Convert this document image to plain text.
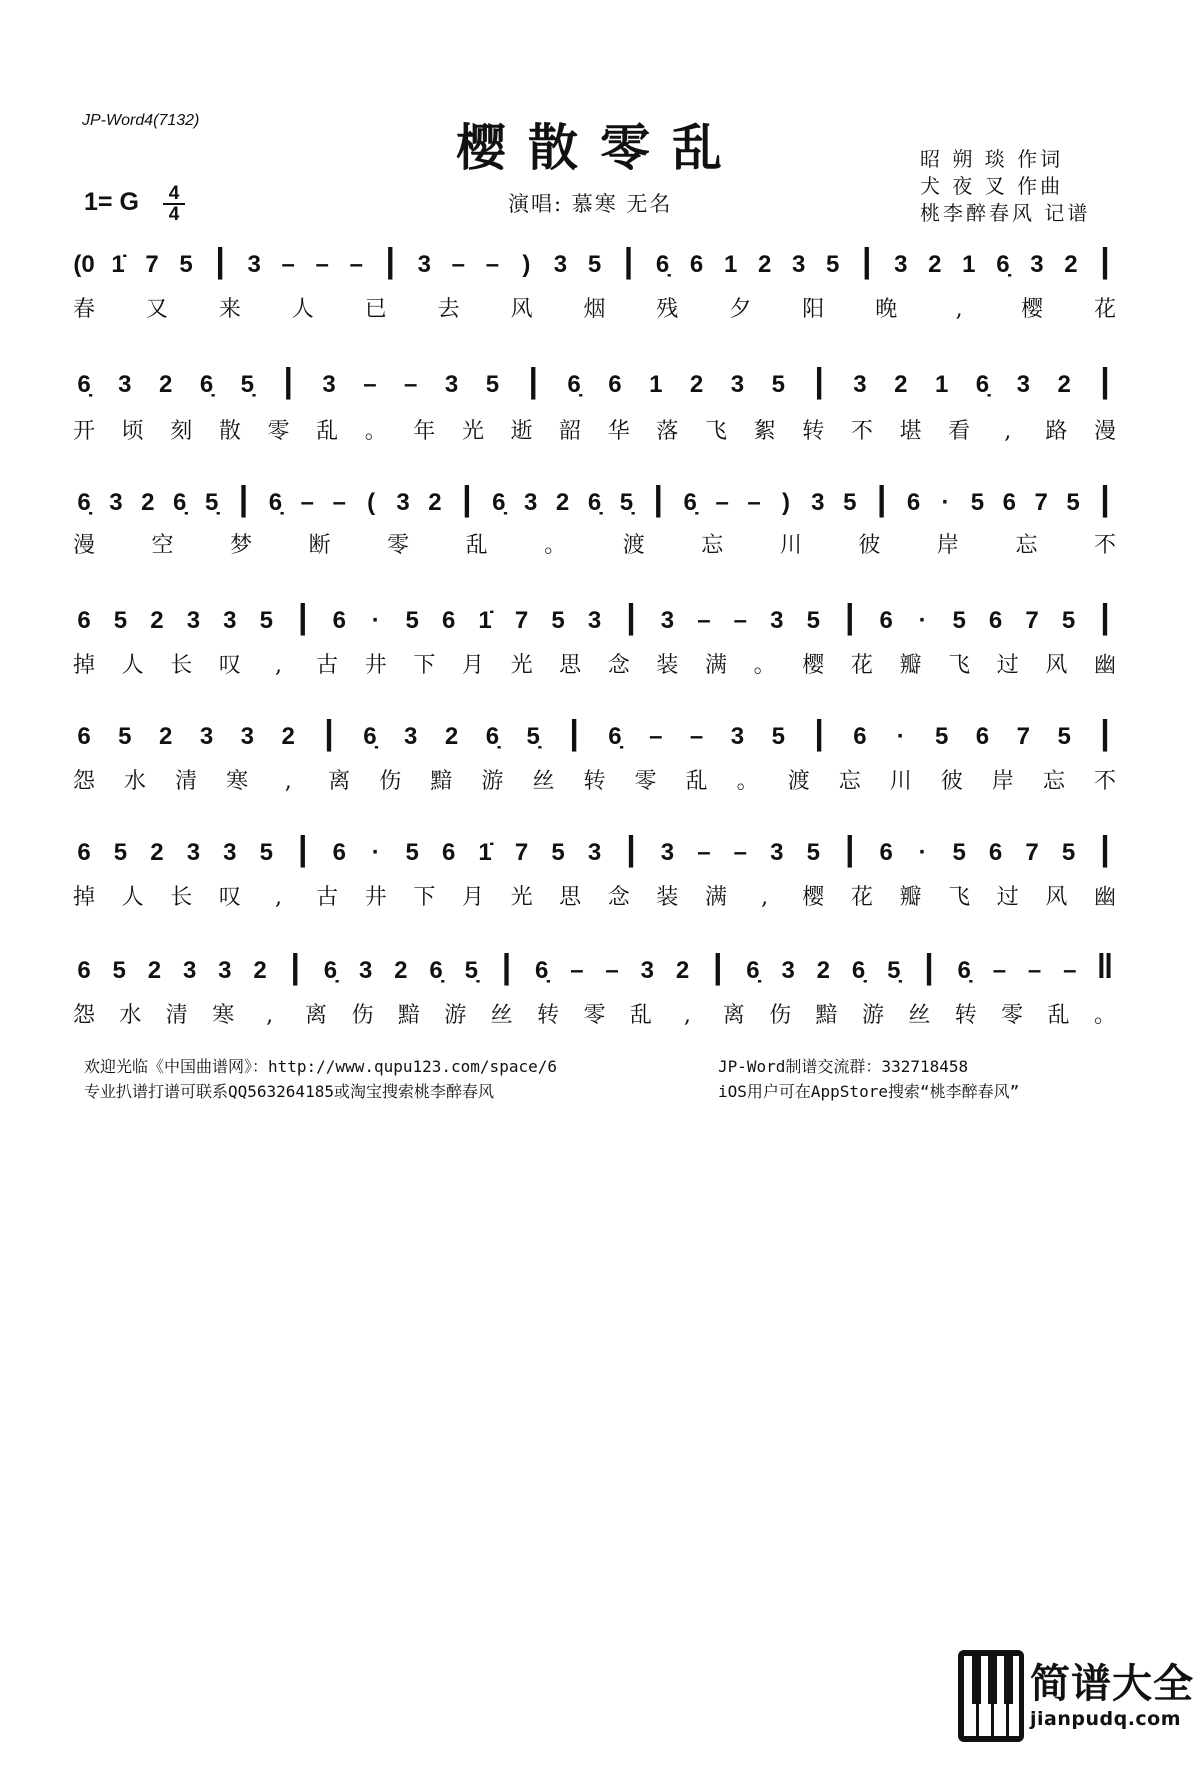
JP-Word4(7132)	樱散零乱	昭 朔 琰 作词
犬 夜 叉 作曲
桃李醉春风 记谱
1= G	4
4	演唱: 慕寒 无名
(0 1̇ 7 5 | 3 – – – | 3 – – ) 3 5 | 6̣ 6 1 2 3 5 | 3 2 1 6̣ 3 2 |
春 又 来 人 已 去 风 烟 残 夕 阳 晚	,	樱 花
6̣ 3 2 6̣ 5̣ | 3 – – 3 5 | 6̣ 6 1 2 3 5 | 3 2 1 6̣ 3 2 |
开 顷 刻 散 零 乱 。 年 光 逝 韶 华 落 飞 絮 转 不 堪 看 , 路 漫
6̣ 3 2 6̣ 5̣ | 6̣ – – ( 3 2 | 6̣ 3 2 6̣ 5̣ | 6̣ – – ) 3 5 | 6 · 5 6 7 5 |
漫	空	梦	断	零	乱	。	渡	忘	川	彼	岸	忘	不
6 5 2 3 3 5 | 6 · 5 6 1̇ 7 5 3 | 3 – – 3 5 | 6 · 5 6 7 5 |
掉 人 长 叹 , 古 井 下 月 光 思 念 装 满 。 樱 花 瓣 飞 过 风 幽
6 5 2 3 3 2 | 6̣ 3 2 6̣ 5̣ | 6̣ – – 3 5 | 6 · 5 6 7 5 |
怨 水 清 寒 , 离 伤 黯 游 丝 转 零 乱 。 渡 忘 川 彼 岸 忘 不
6 5 2 3 3 5 | 6 · 5 6 1̇ 7 5 3 | 3 – – 3 5 | 6 · 5 6 7 5 |
掉 人 长 叹 , 古 井 下 月 光 思 念 装 满 , 樱 花 瓣 飞 过 风 幽
6 5 2 3 3 2 | 6̣ 3 2 6̣ 5̣ | 6̣ – – 3 2 | 6̣ 3 2 6̣ 5̣ | 6̣ – – – ‖
怨 水 清 寒 , 离 伤 黯 游 丝 转 零 乱 , 离 伤 黯 游 丝 转 零 乱 。
欢迎光临《中国曲谱网》：http://www.qupu123.com/space/6
专业扒谱打谱可联系QQ563264185或淘宝搜索桃李醉春风
JP-Word制谱交流群：332718458
iOS用户可在AppStore搜索“桃李醉春风”
简谱大全
jianpudq.com
